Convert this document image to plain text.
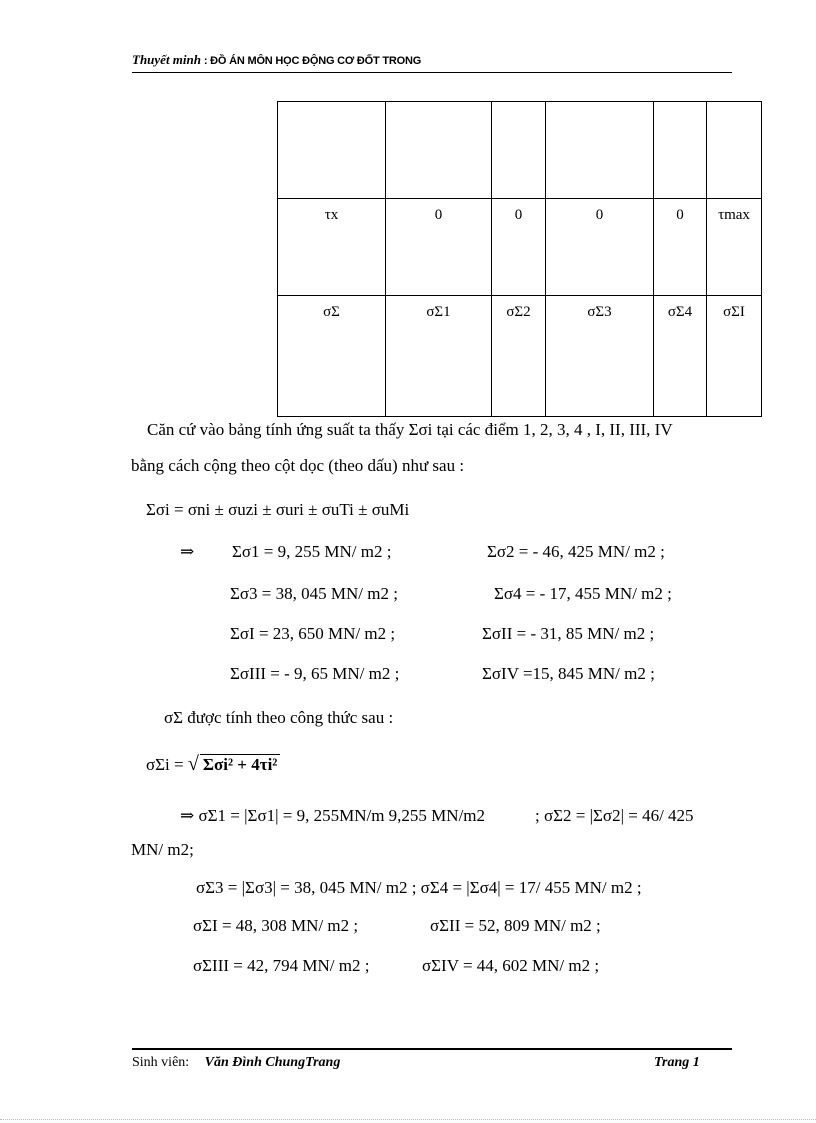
Thuyết minh : ĐỒ ÁN MÔN HỌC ĐỘNG CƠ ĐỐT TRONG

τx	0	0	0	0	τmax
σΣ	σΣ1	σΣ2	σΣ3	σΣ4	σΣI
Căn cứ vào bảng tính ứng suất ta thấy Σσi tại các điểm 1, 2, 3, 4 , I, II, III, IV
bằng cách cộng theo cột dọc (theo dấu) như sau :
Σσi = σni ± σuzi ± σuri ± σuTi ± σuMi
⇒ Σσ1 = 9, 255 MN/ m2 ;	Σσ2 = - 46, 425 MN/ m2 ;
Σσ3 = 38, 045 MN/ m2 ;	Σσ4 = - 17, 455 MN/ m2 ;
ΣσI = 23, 650 MN/ m2 ;	ΣσII = - 31, 85 MN/ m2 ;
ΣσIII = - 9, 65 MN/ m2 ;	ΣσIV =15, 845 MN/ m2 ;
σΣ được tính theo công thức sau :
σΣi = √ Σσi² + 4τi²
⇒ σΣ1 = |Σσ1| = 9, 255MN/m 9,255 MN/m2	; σΣ2 = |Σσ2| = 46/ 425
MN/ m2;
σΣ3 = |Σσ3| = 38, 045 MN/ m2 ; σΣ4 = |Σσ4| = 17/ 455 MN/ m2 ;
σΣI = 48, 308 MN/ m2 ;	σΣII = 52, 809 MN/ m2 ;
σΣIII = 42, 794 MN/ m2 ;	σΣIV = 44, 602 MN/ m2 ;
Sinh viên: Văn Đình ChungTrang	Trang 1
